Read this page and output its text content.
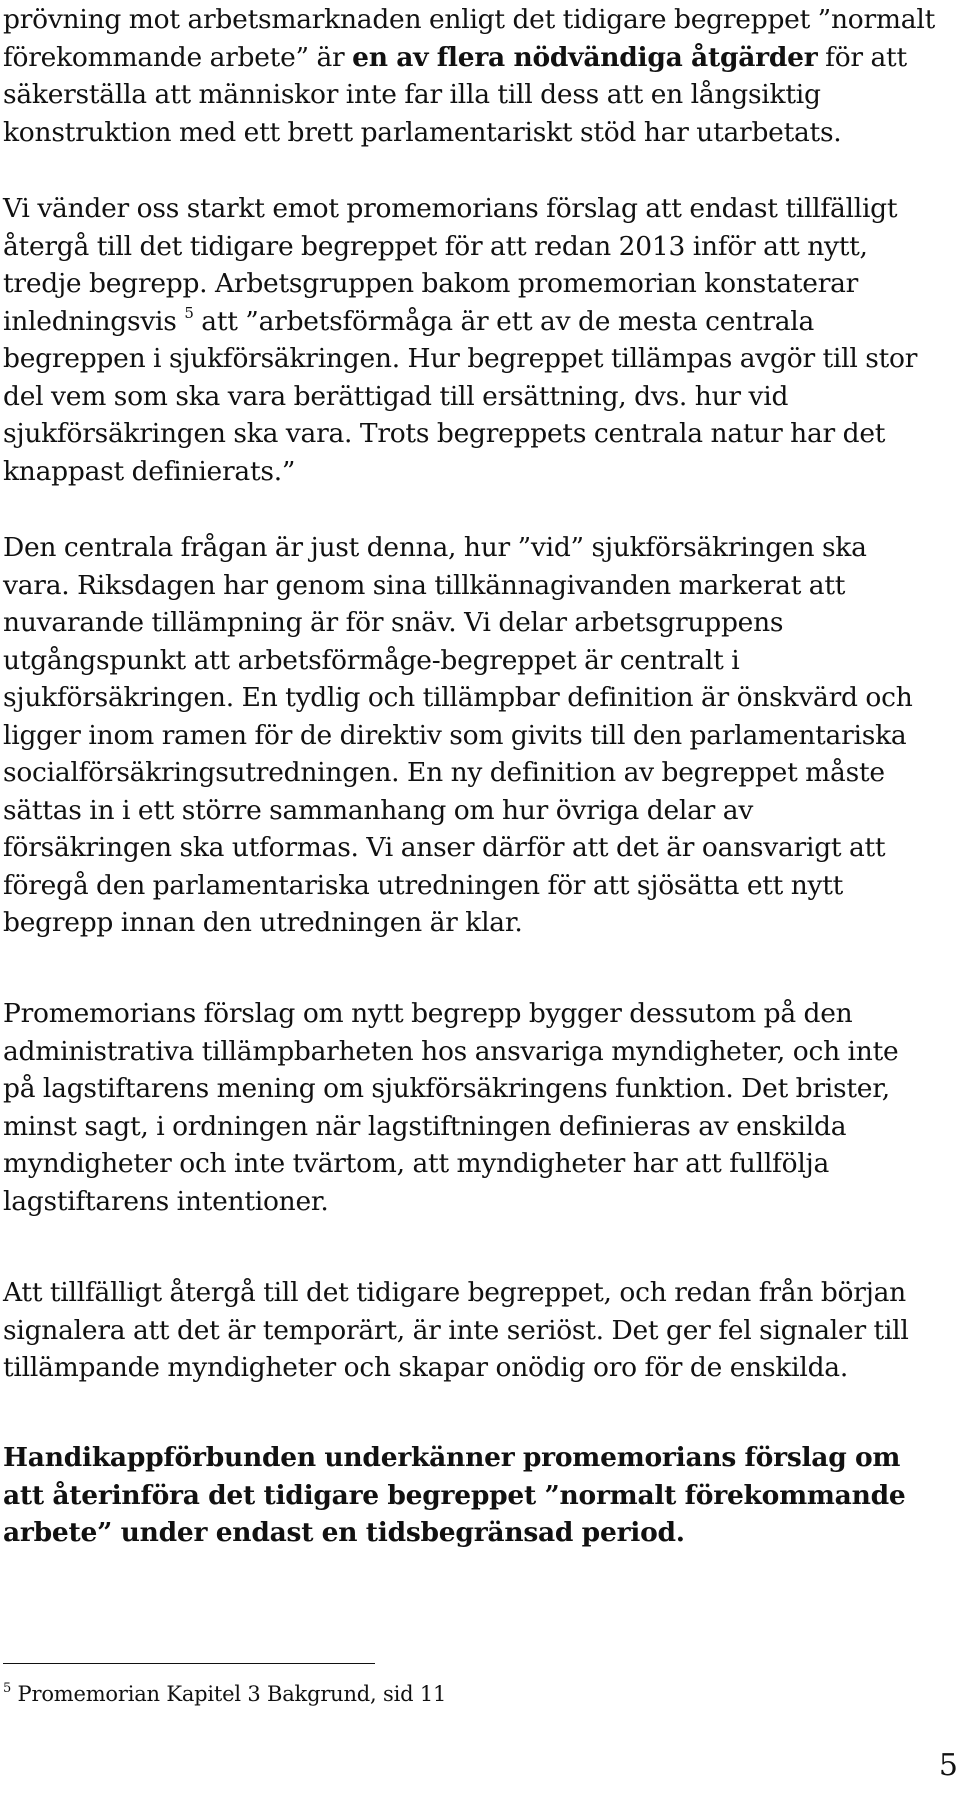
prövning mot arbetsmarknaden enligt det tidigare begreppet ”normalt förekommande arbete” är en av flera nödvändiga åtgärder för att säkerställa att människor inte far illa till dess att en långsiktig konstruktion med ett brett parlamentariskt stöd har utarbetats.

Vi vänder oss starkt emot promemorians förslag att endast tillfälligt återgå till det tidigare begreppet för att redan 2013 inför att nytt, tredje begrepp. Arbetsgruppen bakom promemorian konstaterar inledningsvis $^5$ att ”arbetsförmåga är ett av de mesta centrala begreppen i sjukförsäkringen. Hur begreppet tillämpas avgör till stor del vem som ska vara berättigad till ersättning, dvs. hur vid sjukförsäkringen ska vara. Trots begreppets centrala natur har det knappast definierats.”

Den centrala frågan är just denna, hur ”vid” sjukförsäkringen ska vara. Riksdagen har genom sina tillkännagivanden markerat att nuvarande tillämpning är för snäv. Vi delar arbetsgruppens utgångspunkt att arbetsförmåge-begreppet är centralt i sjukförsäkringen. En tydlig och tillämpbar definition är önskvärd och ligger inom ramen för de direktiv som givits till den parlamentariska socialförsäkringsutredningen. En ny definition av begreppet måste sättas in i ett större sammanhang om hur övriga delar av försäkringen ska utformas. Vi anser därför att det är oansvarigt att föregå den parlamentariska utredningen för att sjösätta ett nytt begrepp innan den utredningen är klar.

Promemorians förslag om nytt begrepp bygger dessutom på den administrativa tillämpbarheten hos ansvariga myndigheter, och inte på lagstiftarens mening om sjukförsäkringens funktion. Det brister, minst sagt, i ordningen när lagstiftningen definieras av enskilda myndigheter och inte tvärtom, att myndigheter har att fullfölja lagstiftarens intentioner.

Att tillfälligt återgå till det tidigare begreppet, och redan från början signalera att det är temporärt, är inte seriöst. Det ger fel signaler till tillämpande myndigheter och skapar onödig oro för de enskilda.

Handikappförbunden underkänner promemorians förslag om att återinföra det tidigare begreppet ”normalt förekommande arbete” under endast en tidsbegränsad period.

$^5$ Promemorian Kapitel 3 Bakgrund, sid 11

5
